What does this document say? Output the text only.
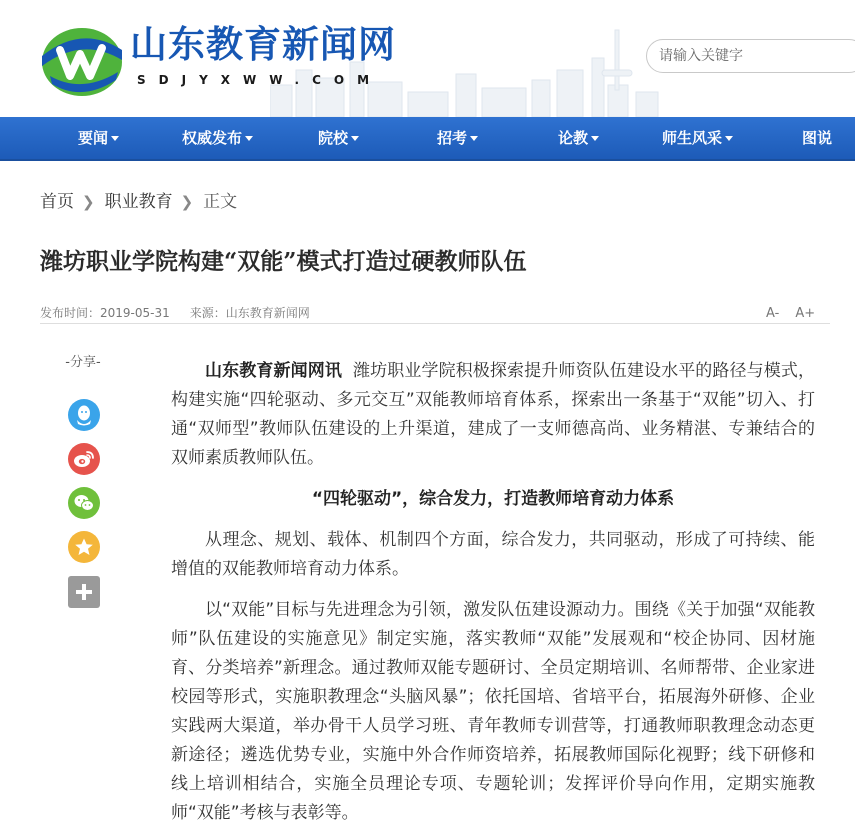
山东教育新闻网
SDJYXWW.COM
请输入关键字
要闻	权威发布	院校	招考	论教	师生风采	图说
首页 ❯ 职业教育 ❯ 正文
潍坊职业学院构建“双能”模式打造过硬教师队伍
发布时间：2019-05-31 来源：山东教育新闻网	A- A+
-分享-	山东教育新闻网讯 潍坊职业学院积极探索提升师资队伍建设水平的路径与模式，构建实施“四轮驱动、多元交互”双能教师培育体系，探索出一条基于“双能”切入、打通“双师型”教师队伍建设的上升渠道，建成了一支师德高尚、业务精湛、专兼结合的双师素质教师队伍。

“四轮驱动”，综合发力，打造教师培育动力体系

从理念、规划、载体、机制四个方面，综合发力，共同驱动，形成了可持续、能增值的双能教师培育动力体系。

以“双能”目标与先进理念为引领，激发队伍建设源动力。围绕《关于加强“双能教师”队伍建设的实施意见》制定实施，落实教师“双能”发展观和“校企协同、因材施育、分类培养”新理念。通过教师双能专题研讨、全员定期培训、名师帮带、企业家进校园等形式，实施职教理念“头脑风暴”；依托国培、省培平台，拓展海外研修、企业实践两大渠道，举办骨干人员学习班、青年教师专训营等，打通教师职教理念动态更新途径；遴选优势专业，实施中外合作师资培养，拓展教师国际化视野；线下研修和线上培训相结合，实施全员理论专项、专题轮训；发挥评价导向作用，定期实施教师“双能”考核与表彰等。
